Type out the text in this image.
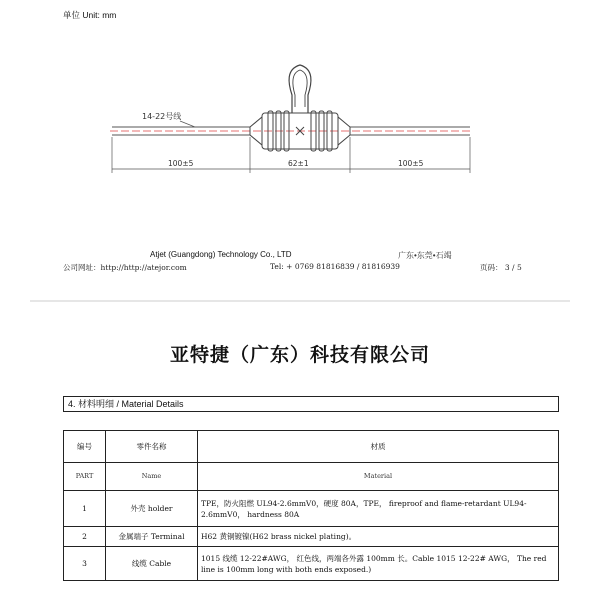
单位 Unit: mm
14-22号线
100±5	62±1	100±5
Atjet (Guangdong) Technology Co., LTD	广东•东莞•石竭
公司网址：http://http://atejor.com	Tel: + 0769 81816839 / 81816939	页码： 3 / 5
亚特捷（广东）科技有限公司
4. 材料明细 / Material Details
编号	零件名称	材质
PART	Name	Material
1	外壳 holder	TPE，防火阻燃 UL94-2.6mmV0，硬度 80A，TPE， fireproof and flame-retardant UL94-2.6mmV0， hardness 80A
2	金属端子 Terminal	H62 黄铜镀镍(H62 brass nickel plating)。
3	线缆 Cable	1015 线缆 12-22#AWG， 红色线，两端各外露 100mm 长。Cable 1015 12-22# AWG， The red line is 100mm long with both ends exposed.)
